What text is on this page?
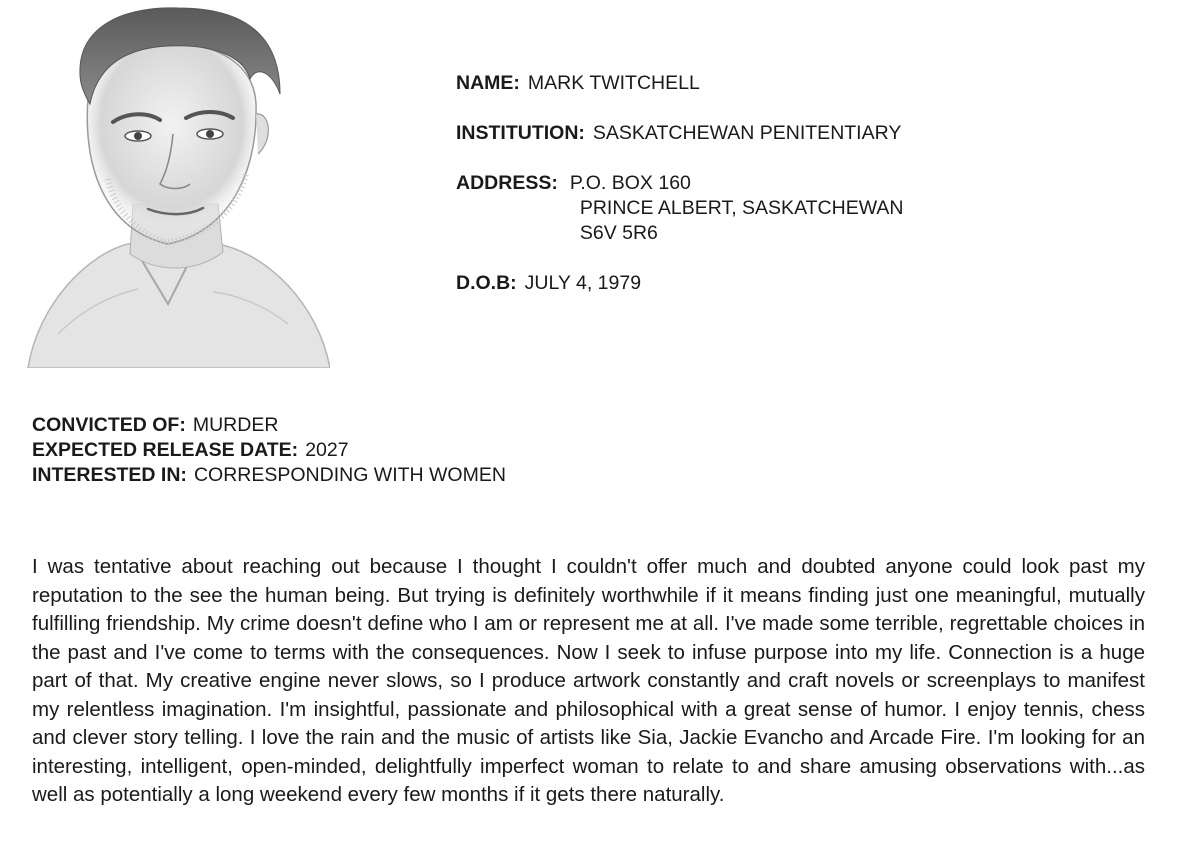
NAME: MARK TWITCHELL
INSTITUTION: SASKATCHEWAN PENITENTIARY
ADDRESS: P.O. BOX 160
PRINCE ALBERT, SASKATCHEWAN
S6V 5R6
D.O.B: JULY 4, 1979
CONVICTED OF: MURDER
EXPECTED RELEASE DATE: 2027
INTERESTED IN: CORRESPONDING WITH WOMEN

I was tentative about reaching out because I thought I couldn't offer much and doubted anyone could look past my reputation to the see the human being. But trying is definitely worthwhile if it means finding just one meaningful, mutually fulfilling friendship. My crime doesn't define who I am or represent me at all. I've made some terrible, regrettable choices in the past and I've come to terms with the consequences. Now I seek to infuse purpose into my life. Connection is a huge part of that. My creative engine never slows, so I produce artwork constantly and craft novels or screenplays to manifest my relentless imagination. I'm insightful, passionate and philosophical with a great sense of humor. I enjoy tennis, chess and clever story telling. I love the rain and the music of artists like Sia, Jackie Evancho and Arcade Fire. I'm looking for an interesting, intelligent, open-minded, delightfully imperfect woman to relate to and share amusing observations with...as well as potentially a long weekend every few months if it gets there naturally.
